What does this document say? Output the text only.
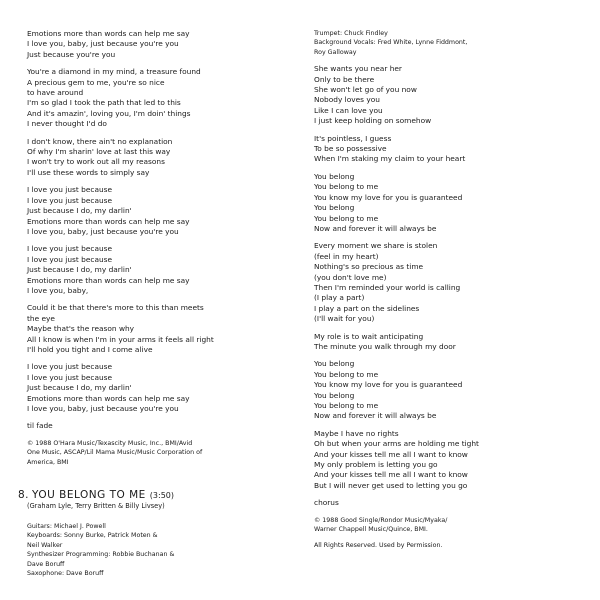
Emotions more than words can help me say
I love you, baby, just because you're you
Just because you're you
You're a diamond in my mind, a treasure found
A precious gem to me, you're so nice
to have around
I'm so glad I took the path that led to this
And it's amazin', loving you, I'm doin' things
I never thought I'd do
I don't know, there ain't no explanation
Of why I'm sharin' love at last this way
I won't try to work out all my reasons
I'll use these words to simply say
I love you just because
I love you just because
Just because I do, my darlin'
Emotions more than words can help me say
I love you, baby, just because you're you
I love you just because
I love you just because
Just because I do, my darlin'
Emotions more than words can help me say
I love you, baby,
Could it be that there's more to this than meets
the eye
Maybe that's the reason why
All I know is when I'm in your arms it feels all right
I'll hold you tight and I come alive
I love you just because
I love you just because
Just because I do, my darlin'
Emotions more than words can help me say
I love you, baby, just because you're you
til fade
© 1988 O'Hara Music/Texascity Music, Inc., BMI/Avid
One Music, ASCAP/Lil Mama Music/Music Corporation of
America, BMI
8. YOU BELONG TO ME (3:50)
(Graham Lyle, Terry Britten & Billy Livsey)
Guitars: Michael J. Powell
Keyboards: Sonny Burke, Patrick Moten &
Neil Walker
Synthesizer Programming: Robbie Buchanan &
Dave Boruff
Saxophone: Dave Boruff
Trumpet: Chuck Findley
Background Vocals: Fred White, Lynne Fiddmont,
Roy Galloway
She wants you near her
Only to be there
She won't let go of you now
Nobody loves you
Like I can love you
I just keep holding on somehow
It's pointless, I guess
To be so possessive
When I'm staking my claim to your heart
You belong
You belong to me
You know my love for you is guaranteed
You belong
You belong to me
Now and forever it will always be
Every moment we share is stolen
(feel in my heart)
Nothing's so precious as time
(you don't love me)
Then I'm reminded your world is calling
(I play a part)
I play a part on the sidelines
(I'll wait for you)
My role is to wait anticipating
The minute you walk through my door
You belong
You belong to me
You know my love for you is guaranteed
You belong
You belong to me
Now and forever it will always be
Maybe I have no rights
Oh but when your arms are holding me tight
And your kisses tell me all I want to know
My only problem is letting you go
And your kisses tell me all I want to know
But I will never get used to letting you go
chorus
© 1988 Good Single/Rondor Music/Myaka/
Warner Chappell Music/Quince, BMI.
All Rights Reserved. Used by Permission.
